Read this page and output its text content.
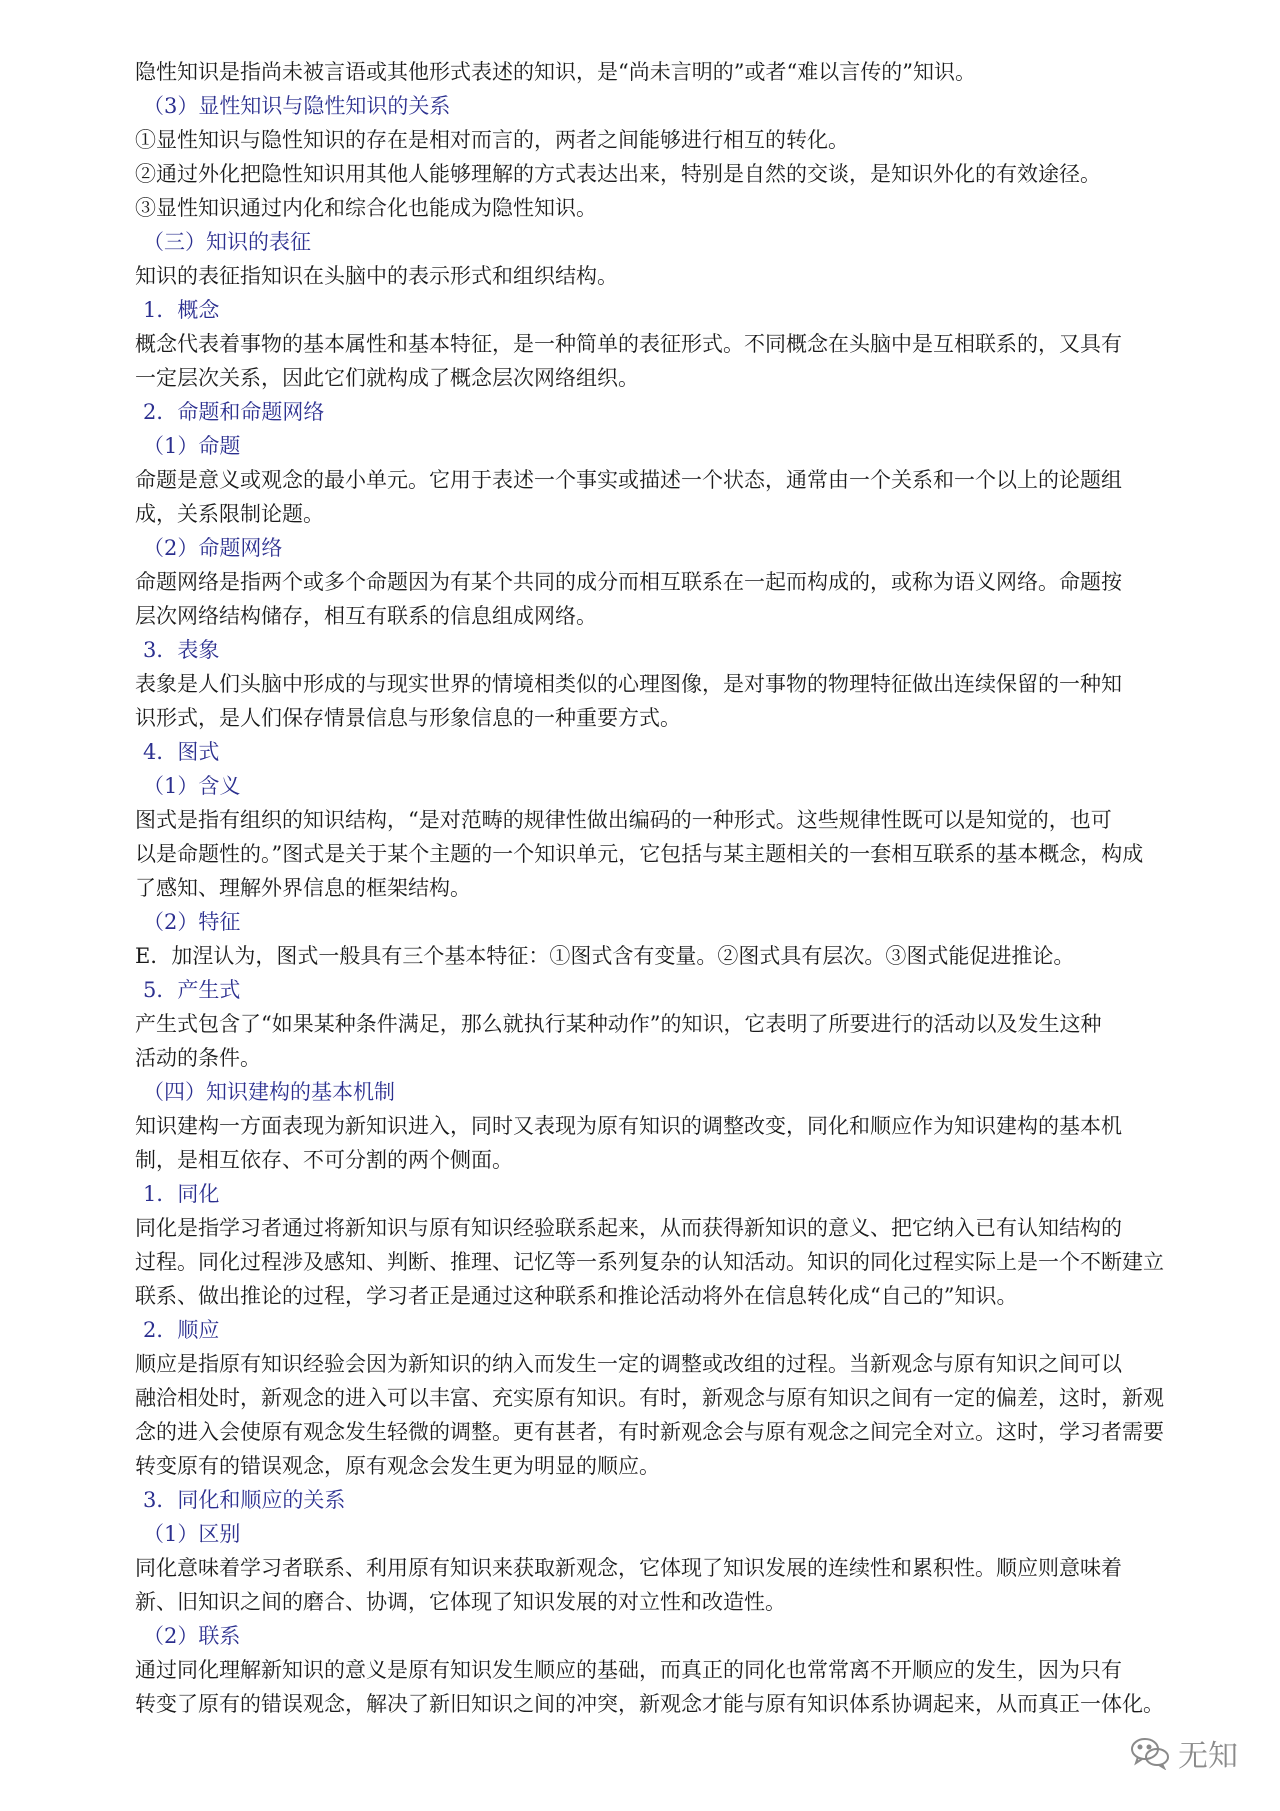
隐性知识是指尚未被言语或其他形式表述的知识，是“尚未言明的”或者“难以言传的”知识。

（3）显性知识与隐性知识的关系

①显性知识与隐性知识的存在是相对而言的，两者之间能够进行相互的转化。

②通过外化把隐性知识用其他人能够理解的方式表达出来，特别是自然的交谈，是知识外化的有效途径。

③显性知识通过内化和综合化也能成为隐性知识。

（三）知识的表征

知识的表征指知识在头脑中的表示形式和组织结构。

1．概念

概念代表着事物的基本属性和基本特征，是一种简单的表征形式。不同概念在头脑中是互相联系的，又具有

一定层次关系，因此它们就构成了概念层次网络组织。

2．命题和命题网络

（1）命题

命题是意义或观念的最小单元。它用于表述一个事实或描述一个状态，通常由一个关系和一个以上的论题组

成，关系限制论题。

（2）命题网络

命题网络是指两个或多个命题因为有某个共同的成分而相互联系在一起而构成的，或称为语义网络。命题按

层次网络结构储存，相互有联系的信息组成网络。

3．表象

表象是人们头脑中形成的与现实世界的情境相类似的心理图像，是对事物的物理特征做出连续保留的一种知

识形式，是人们保存情景信息与形象信息的一种重要方式。

4．图式

（1）含义

图式是指有组织的知识结构，“是对范畴的规律性做出编码的一种形式。这些规律性既可以是知觉的，也可

以是命题性的。”图式是关于某个主题的一个知识单元，它包括与某主题相关的一套相互联系的基本概念，构成

了感知、理解外界信息的框架结构。

（2）特征

E．加涅认为，图式一般具有三个基本特征：①图式含有变量。②图式具有层次。③图式能促进推论。

5．产生式

产生式包含了“如果某种条件满足，那么就执行某种动作”的知识，它表明了所要进行的活动以及发生这种

活动的条件。

（四）知识建构的基本机制

知识建构一方面表现为新知识进入，同时又表现为原有知识的调整改变，同化和顺应作为知识建构的基本机

制，是相互依存、不可分割的两个侧面。

1．同化

同化是指学习者通过将新知识与原有知识经验联系起来，从而获得新知识的意义、把它纳入已有认知结构的

过程。同化过程涉及感知、判断、推理、记忆等一系列复杂的认知活动。知识的同化过程实际上是一个不断建立

联系、做出推论的过程，学习者正是通过这种联系和推论活动将外在信息转化成“自己的”知识。

2．顺应

顺应是指原有知识经验会因为新知识的纳入而发生一定的调整或改组的过程。当新观念与原有知识之间可以

融洽相处时，新观念的进入可以丰富、充实原有知识。有时，新观念与原有知识之间有一定的偏差，这时，新观

念的进入会使原有观念发生轻微的调整。更有甚者，有时新观念会与原有观念之间完全对立。这时，学习者需要

转变原有的错误观念，原有观念会发生更为明显的顺应。

3．同化和顺应的关系

（1）区别

同化意味着学习者联系、利用原有知识来获取新观念，它体现了知识发展的连续性和累积性。顺应则意味着

新、旧知识之间的磨合、协调，它体现了知识发展的对立性和改造性。

（2）联系

通过同化理解新知识的意义是原有知识发生顺应的基础，而真正的同化也常常离不开顺应的发生，因为只有

转变了原有的错误观念，解决了新旧知识之间的冲突，新观念才能与原有知识体系协调起来，从而真正一体化。

无知
